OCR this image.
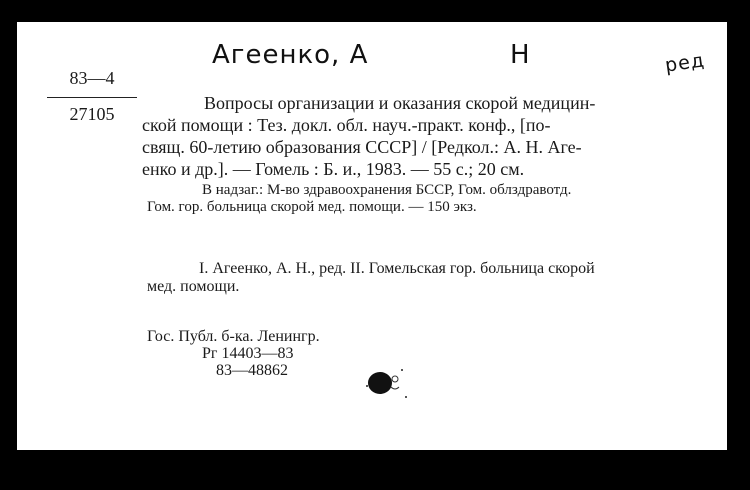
Агеенко, А	Н	ред
83—4
27105
Вопросы организации и оказания скорой медицин-
ской помощи : Тез. докл. обл. науч.-практ. конф., [по-
свящ. 60-летию образования СССР] / [Редкол.: А. Н. Аге-
енко и др.]. — Гомель : Б. и., 1983. — 55 с.; 20 см.
В надзаг.: М-во здравоохранения БССР, Гом. облздравотд.
Гом. гор. больница скорой мед. помощи. — 150 экз.
I. Агеенко, А. Н., ред. II. Гомельская гор. больница скорой
мед. помощи.
Гос. Публ. б-ка. Ленингр.
Рг 14403—83
83—48862
